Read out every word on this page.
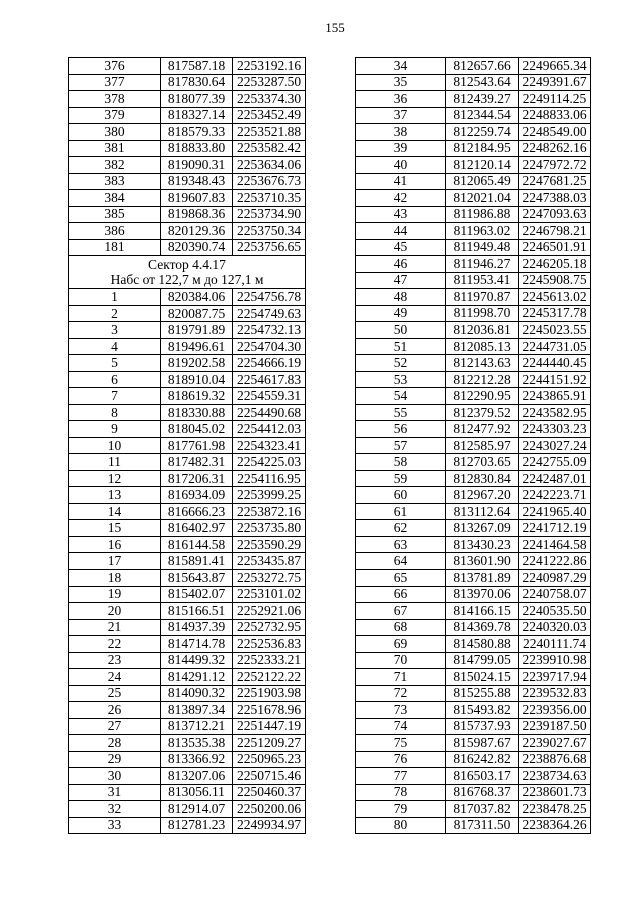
155
376	817587.18	2253192.16
377	817830.64	2253287.50
378	818077.39	2253374.30
379	818327.14	2253452.49
380	818579.33	2253521.88
381	818833.80	2253582.42
382	819090.31	2253634.06
383	819348.43	2253676.73
384	819607.83	2253710.35
385	819868.36	2253734.90
386	820129.36	2253750.34
181	820390.74	2253756.65

Сектор 4.4.17
Набс от 122,7 м до 127,1 м		

1	820384.06	2254756.78
2	820087.75	2254749.63
3	819791.89	2254732.13
4	819496.61	2254704.30
5	819202.58	2254666.19
6	818910.04	2254617.83
7	818619.32	2254559.31
8	818330.88	2254490.68
9	818045.02	2254412.03
10	817761.98	2254323.41
11	817482.31	2254225.03
12	817206.31	2254116.95
13	816934.09	2253999.25
14	816666.23	2253872.16
15	816402.97	2253735.80
16	816144.58	2253590.29
17	815891.41	2253435.87
18	815643.87	2253272.75
19	815402.07	2253101.02
20	815166.51	2252921.06
21	814937.39	2252732.95
22	814714.78	2252536.83
23	814499.32	2252333.21
24	814291.12	2252122.22
25	814090.32	2251903.98
26	813897.34	2251678.96
27	813712.21	2251447.19
28	813535.38	2251209.27
29	813366.92	2250965.23
30	813207.06	2250715.46
31	813056.11	2250460.37
32	812914.07	2250200.06
33	812781.23	2249934.97
34	812657.66	2249665.34
35	812543.64	2249391.67
36	812439.27	2249114.25
37	812344.54	2248833.06
38	812259.74	2248549.00
39	812184.95	2248262.16
40	812120.14	2247972.72
41	812065.49	2247681.25
42	812021.04	2247388.03
43	811986.88	2247093.63
44	811963.02	2246798.21
45	811949.48	2246501.91
46	811946.27	2246205.18
47	811953.41	2245908.75
48	811970.87	2245613.02
49	811998.70	2245317.78
50	812036.81	2245023.55
51	812085.13	2244731.05
52	812143.63	2244440.45
53	812212.28	2244151.92
54	812290.95	2243865.91
55	812379.52	2243582.95
56	812477.92	2243303.23
57	812585.97	2243027.24
58	812703.65	2242755.09
59	812830.84	2242487.01
60	812967.20	2242223.71
61	813112.64	2241965.40
62	813267.09	2241712.19
63	813430.23	2241464.58
64	813601.90	2241222.86
65	813781.89	2240987.29
66	813970.06	2240758.07
67	814166.15	2240535.50
68	814369.78	2240320.03
69	814580.88	2240111.74
70	814799.05	2239910.98
71	815024.15	2239717.94
72	815255.88	2239532.83
73	815493.82	2239356.00
74	815737.93	2239187.50
75	815987.67	2239027.67
76	816242.82	2238876.68
77	816503.17	2238734.63
78	816768.37	2238601.73
79	817037.82	2238478.25
80	817311.50	2238364.26
